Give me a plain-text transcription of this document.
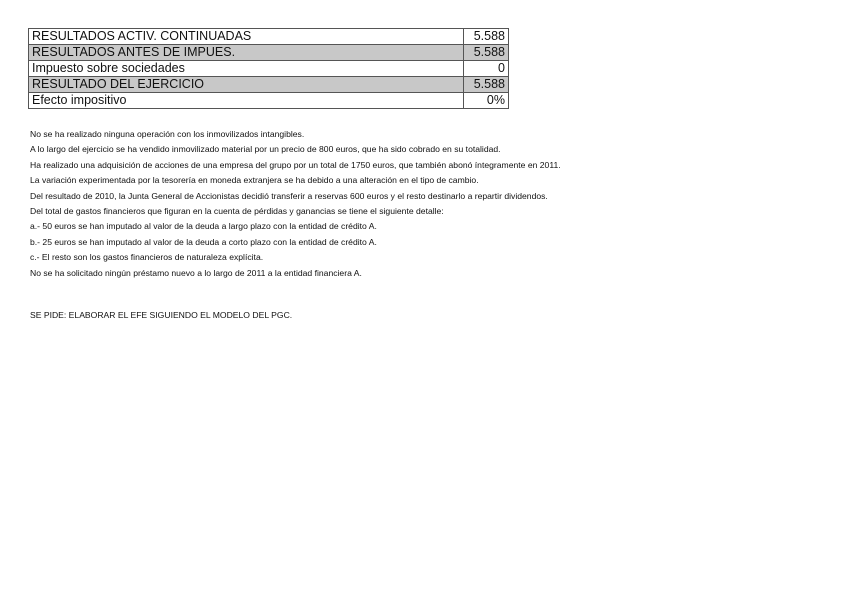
RESULTADOS ACTIV. CONTINUADAS	5.588
RESULTADOS ANTES DE IMPUES.	5.588
Impuesto sobre sociedades	0
RESULTADO DEL EJERCICIO	5.588
Efecto impositivo	0%

No se ha realizado ninguna operación con los inmovilizados intangibles.

A lo largo del ejercicio se ha vendido inmovilizado material por un precio de 800 euros, que ha sido cobrado en su totalidad.

Ha realizado una adquisición de acciones de una empresa del grupo por un total de 1750 euros, que también abonó íntegramente en 2011.

La variación experimentada por la tesorería en moneda extranjera se ha debido a una alteración en el tipo de cambio.

Del resultado de 2010, la Junta General de Accionistas decidió transferir a reservas 600 euros y el resto destinarlo a repartir dividendos.

Del total de gastos financieros que figuran en la cuenta de pérdidas y ganancias se tiene el siguiente detalle:

a.- 50 euros se han imputado al valor de la deuda a largo plazo con la entidad de crédito A.

b.- 25 euros se han imputado al valor de la deuda a corto plazo con la entidad de crédito A.

c.- El resto son los gastos financieros de naturaleza explícita.

No se ha solicitado ningún préstamo nuevo a lo largo de 2011 a la entidad financiera A.

SE PIDE: ELABORAR EL EFE SIGUIENDO EL MODELO DEL PGC.
